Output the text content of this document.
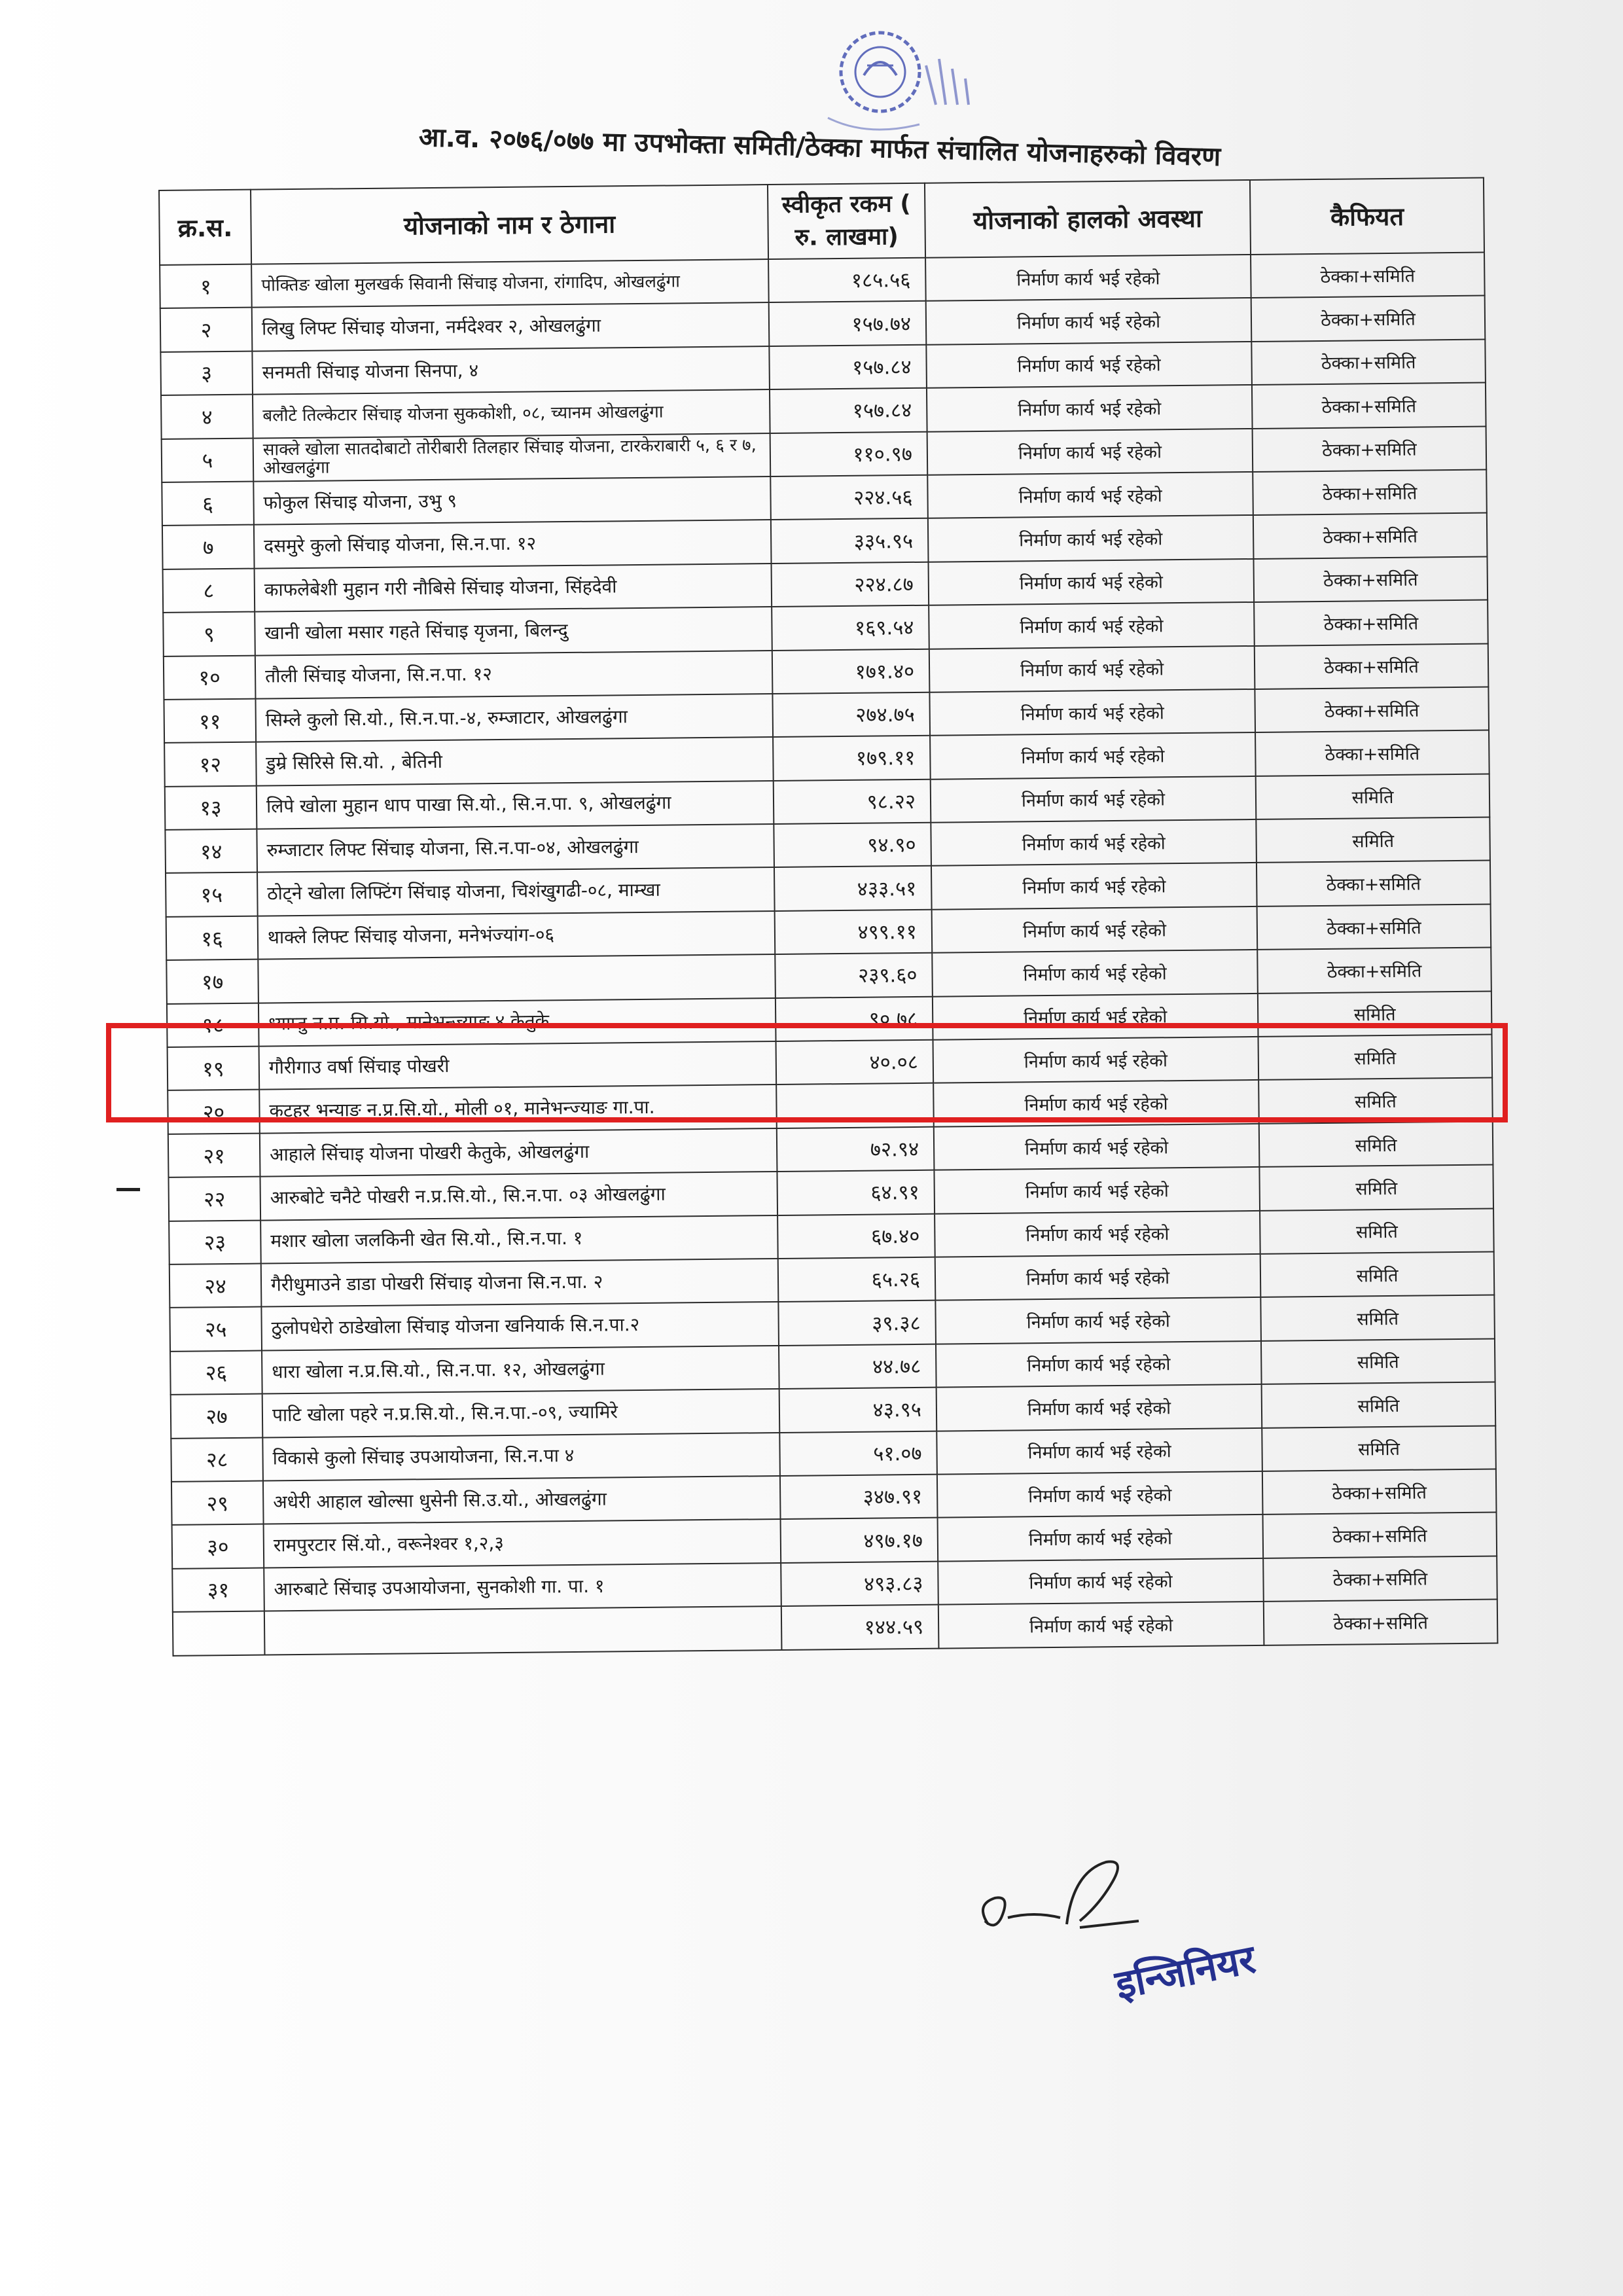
आ.व. २०७६/०७७ मा उपभोक्ता समिती/ठेक्का मार्फत संचालित योजनाहरुको विवरण
क्र.स.	योजनाको नाम र ठेगाना	स्वीकृत रकम ( रु. लाखमा)	योजनाको हालको अवस्था	कैफियत
१	पोक्तिङ खोला मुलखर्क सिवानी सिंचाइ योजना, रांगादिप, ओखलढुंगा	१८५.५६	निर्माण कार्य भई रहेको	ठेक्का+समिति
२	लिखु लिफ्ट सिंचाइ योजना, नर्मदेश्वर २, ओखलढुंगा	१५७.७४	निर्माण कार्य भई रहेको	ठेक्का+समिति
३	सनमती सिंचाइ योजना सिनपा, ४	१५७.८४	निर्माण कार्य भई रहेको	ठेक्का+समिति
४	बलौटे तिल्केटार सिंचाइ योजना सुककोशी, ०८, च्यानम ओखलढुंगा	१५७.८४	निर्माण कार्य भई रहेको	ठेक्का+समिति
५	साक्ले खोला सातदोबाटो तोरीबारी तिलहार सिंचाइ योजना, टारकेराबारी ५, ६ र ७, ओखलढुंगा	११०.९७	निर्माण कार्य भई रहेको	ठेक्का+समिति
६	फोकुल सिंचाइ योजना, उभु ९	२२४.५६	निर्माण कार्य भई रहेको	ठेक्का+समिति
७	दसमुरे कुलो सिंचाइ योजना, सि.न.पा. १२	३३५.९५	निर्माण कार्य भई रहेको	ठेक्का+समिति
८	काफलेबेशी मुहान गरी नौबिसे सिंचाइ योजना, सिंहदेवी	२२४.८७	निर्माण कार्य भई रहेको	ठेक्का+समिति
९	खानी खोला मसार गहते सिंचाइ यृजना, बिलन्दु	१६९.५४	निर्माण कार्य भई रहेको	ठेक्का+समिति
१०	तौली सिंचाइ योजना, सि.न.पा. १२	१७१.४०	निर्माण कार्य भई रहेको	ठेक्का+समिति
११	सिम्ले कुलो सि.यो., सि.न.पा.-४, रुम्जाटार, ओखलढुंगा	२७४.७५	निर्माण कार्य भई रहेको	ठेक्का+समिति
१२	डुम्रे सिरिसे सि.यो. , बेतिनी	१७९.११	निर्माण कार्य भई रहेको	ठेक्का+समिति
१३	लिपे खोला मुहान धाप पाखा सि.यो., सि.न.पा. ९, ओखलढुंगा	९८.२२	निर्माण कार्य भई रहेको	समिति
१४	रुम्जाटार लिफ्ट सिंचाइ योजना, सि.न.पा-०४, ओखलढुंगा	९४.९०	निर्माण कार्य भई रहेको	समिति
१५	ठोट्ने खोला लिफ्टिंग सिंचाइ योजना, चिशंखुगढी-०८, माम्खा	४३३.५१	निर्माण कार्य भई रहेको	ठेक्का+समिति
१६	थाक्ले लिफ्ट सिंचाइ योजना, मनेभंज्यांग-०६	४९९.११	निर्माण कार्य भई रहेको	ठेक्का+समिति
१७		२३९.६०	निर्माण कार्य भई रहेको	ठेक्का+समिति
१८	ध्याप्तु न.प्र. सि.यो., मानेभन्ज्याङ ४ केतुके	९०.७८	निर्माण कार्य भई रहेको	समिति
१९	गौरीगाउ वर्षा सिंचाइ पोखरी	४०.०८	निर्माण कार्य भई रहेको	समिति
२०	कटहर भन्याङ न.प्र.सि.यो., मोली ०१, मानेभन्ज्याङ गा.पा.		निर्माण कार्य भई रहेको	समिति
२१	आहाले सिंचाइ योजना पोखरी केतुके, ओखलढुंगा	७२.९४	निर्माण कार्य भई रहेको	समिति
२२	आरुबोटे चनैटे पोखरी न.प्र.सि.यो., सि.न.पा. ०३ ओखलढुंगा	६४.९१	निर्माण कार्य भई रहेको	समिति
२३	मशार खोला जलकिनी खेत सि.यो., सि.न.पा. १	६७.४०	निर्माण कार्य भई रहेको	समिति
२४	गैरीधुमाउने डाडा पोखरी सिंचाइ योजना सि.न.पा. २	६५.२६	निर्माण कार्य भई रहेको	समिति
२५	ठुलोपधेरो ठाडेखोला सिंचाइ योजना खनियार्क सि.न.पा.२	३९.३८	निर्माण कार्य भई रहेको	समिति
२६	धारा खोला न.प्र.सि.यो., सि.न.पा. १२, ओखलढुंगा	४४.७८	निर्माण कार्य भई रहेको	समिति
२७	पाटि खोला पहरे न.प्र.सि.यो., सि.न.पा.-०९, ज्यामिरे	४३.९५	निर्माण कार्य भई रहेको	समिति
२८	विकासे कुलो सिंचाइ उपआयोजना, सि.न.पा ४	५१.०७	निर्माण कार्य भई रहेको	समिति
२९	अधेरी आहाल खोल्सा धुसेनी सि.उ.यो., ओखलढुंगा	३४७.९१	निर्माण कार्य भई रहेको	ठेक्का+समिति
३०	रामपुरटार सिं.यो., वरूनेश्वर १,२,३	४९७.१७	निर्माण कार्य भई रहेको	ठेक्का+समिति
३१	आरुबाटे सिंचाइ उपआयोजना, सुनकोशी गा. पा. १	४९३.८३	निर्माण कार्य भई रहेको	ठेक्का+समिति
		१४४.५९	निर्माण कार्य भई रहेको	ठेक्का+समिति
इन्जिनियर
